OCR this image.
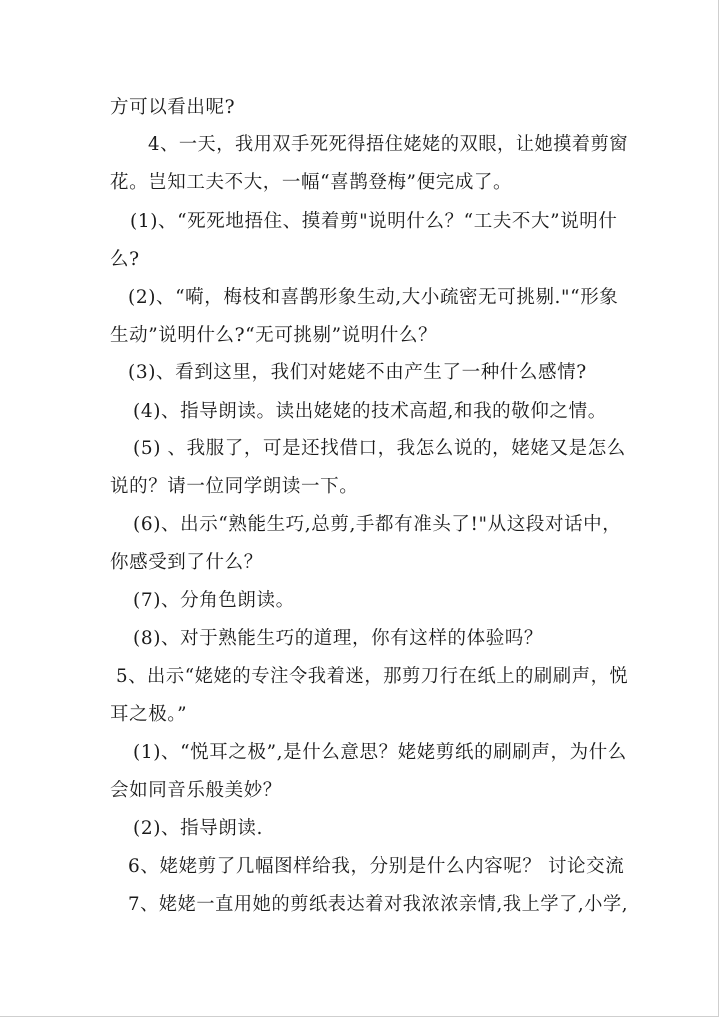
方可以看出呢?
4、一天，我用双手死死得捂住姥姥的双眼，让她摸着剪窗
花。岂知工夫不大，一幅“喜鹊登梅”便完成了。
(1)、“死死地捂住、摸着剪"说明什么？“工夫不大”说明什
么?
(2)、“嗬，梅枝和喜鹊形象生动,大小疏密无可挑剔."“形象
生动”说明什么?“无可挑剔”说明什么？
(3)、看到这里，我们对姥姥不由产生了一种什么感情?
(4)、指导朗读。读出姥姥的技术高超,和我的敬仰之情。
(5) 、我服了，可是还找借口，我怎么说的，姥姥又是怎么
说的？请一位同学朗读一下。
(6)、出示“熟能生巧,总剪,手都有准头了!"从这段对话中，
你感受到了什么？
(7)、分角色朗读。
(8)、对于熟能生巧的道理，你有这样的体验吗？
5、出示“姥姥的专注令我着迷，那剪刀行在纸上的刷刷声，悦
耳之极。”
(1)、“悦耳之极”,是什么意思？姥姥剪纸的刷刷声，为什么
会如同音乐般美妙？
(2)、指导朗读.
6、姥姥剪了几幅图样给我，分别是什么内容呢？ 讨论交流
7、姥姥一直用她的剪纸表达着对我浓浓亲情,我上学了,小学,
